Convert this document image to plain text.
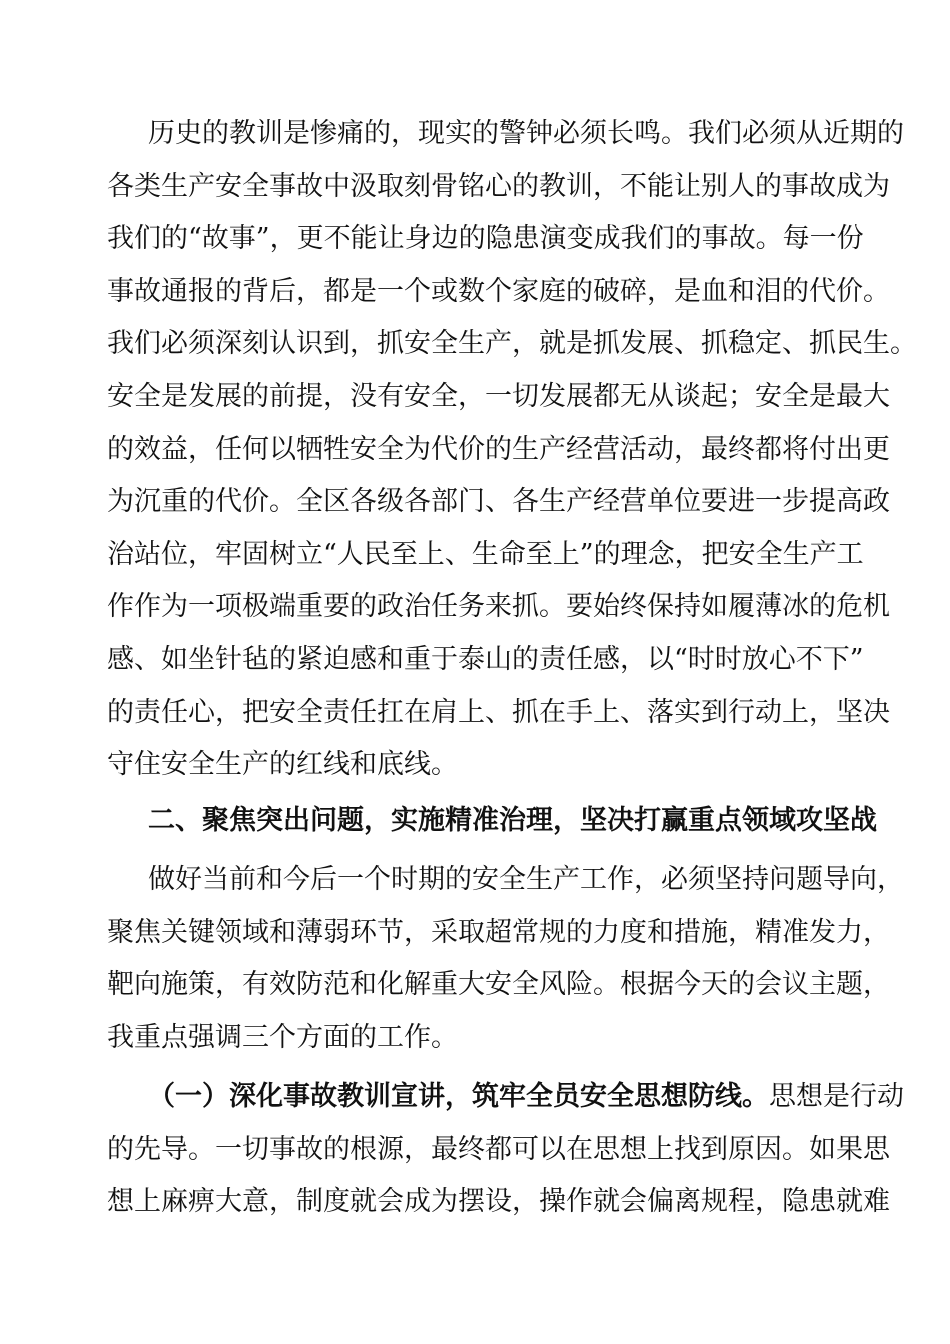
历史的教训是惨痛的，现实的警钟必须长鸣。我们必须从近期的
各类生产安全事故中汲取刻骨铭心的教训，不能让别人的事故成为
我们的“故事”，更不能让身边的隐患演变成我们的事故。每一份
事故通报的背后，都是一个或数个家庭的破碎，是血和泪的代价。
我们必须深刻认识到，抓安全生产，就是抓发展、抓稳定、抓民生。
安全是发展的前提，没有安全，一切发展都无从谈起；安全是最大
的效益，任何以牺牲安全为代价的生产经营活动，最终都将付出更
为沉重的代价。全区各级各部门、各生产经营单位要进一步提高政
治站位，牢固树立“人民至上、生命至上”的理念，把安全生产工
作作为一项极端重要的政治任务来抓。要始终保持如履薄冰的危机
感、如坐针毡的紧迫感和重于泰山的责任感，以“时时放心不下”
的责任心，把安全责任扛在肩上、抓在手上、落实到行动上，坚决
守住安全生产的红线和底线。
二、聚焦突出问题，实施精准治理，坚决打赢重点领域攻坚战
做好当前和今后一个时期的安全生产工作，必须坚持问题导向，
聚焦关键领域和薄弱环节，采取超常规的力度和措施，精准发力，
靶向施策，有效防范和化解重大安全风险。根据今天的会议主题，
我重点强调三个方面的工作。
（一）深化事故教训宣讲，筑牢全员安全思想防线。思想是行动
的先导。一切事故的根源，最终都可以在思想上找到原因。如果思
想上麻痹大意，制度就会成为摆设，操作就会偏离规程，隐患就难
